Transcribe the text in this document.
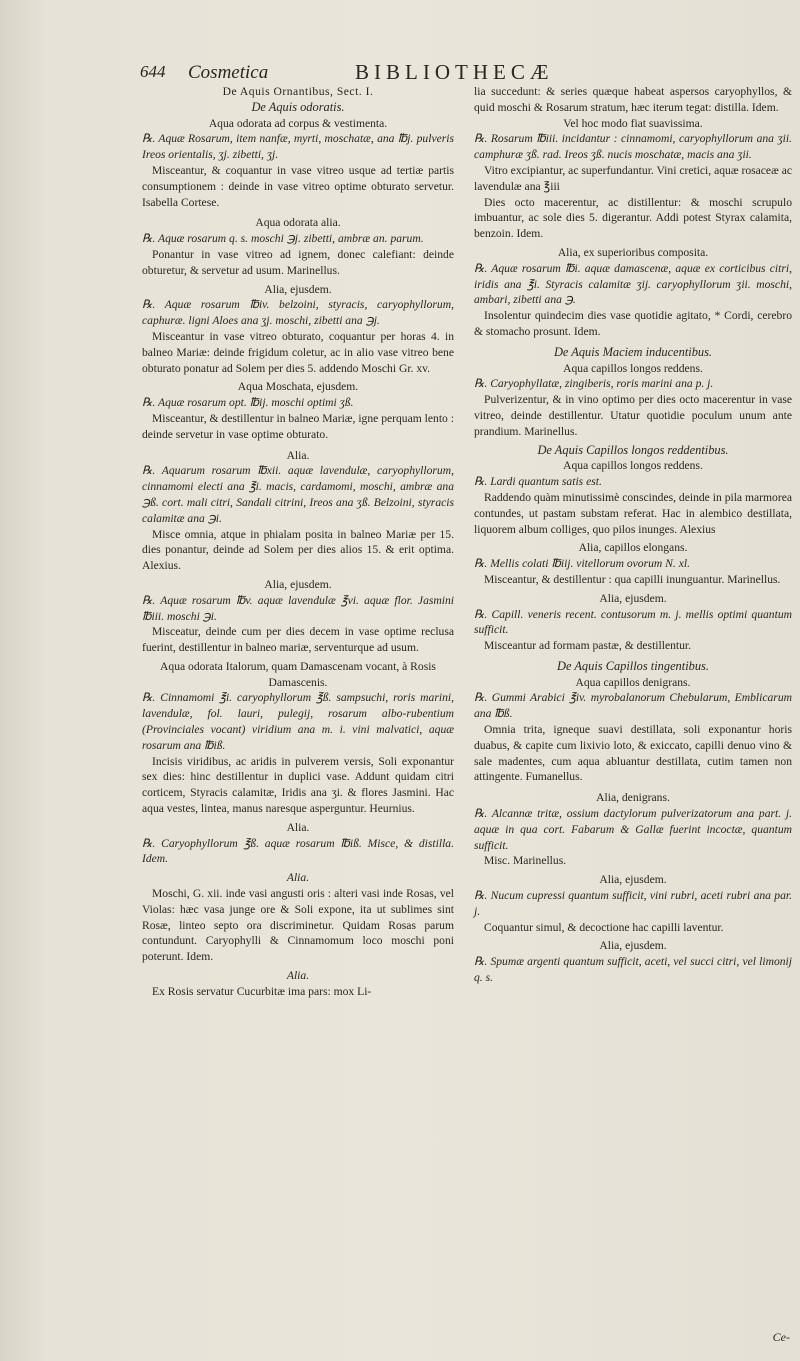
644 Cosmetica	BIBLIOTHECÆ

De Aquis Ornantibus, Sect. I.

De Aquis odoratis.

Aqua odorata ad corpus & vestimenta.

℞. Aquæ Rosarum, item nanfæ, myrti, moschatæ, ana ℔j. pulveris Ireos orientalis, ʒj. zibetti, ʒj.

Misceantur, & coquantur in vase vitreo usque ad tertiæ partis consumptionem : deinde in vase vitreo optime obturato servetur. Isabella Cortese.

Aqua odorata alia.

℞. Aquæ rosarum q. s. moschi ℈j. zibetti, ambræ an. parum.

Ponantur in vase vitreo ad ignem, donec calefiant: deinde obturetur, & servetur ad usum. Marinellus.

Alia, ejusdem.

℞. Aquæ rosarum ℔iv. belzoini, styracis, caryophyllorum, caphuræ. ligni Aloes ana ʒj. moschi, zibetti ana ℈j.

Misceantur in vase vitreo obturato, coquantur per horas 4. in balneo Mariæ: deinde frigidum coletur, ac in alio vase vitreo bene obturato ponatur ad Solem per dies 5. addendo Moschi Gr. xv.

Aqua Moschata, ejusdem.

℞. Aquæ rosarum opt. ℔ij. moschi optimi ʒß.

Misceantur, & destillentur in balneo Mariæ, igne perquam lento : deinde servetur in vase optime obturato.

Alia.

℞. Aquarum rosarum ℔xii. aquæ lavendulæ, caryophyllorum, cinnamomi electi ana ℥i. macis, cardamomi, moschi, ambræ ana ℈ß. cort. mali citri, Sandali citrini, Ireos ana ʒß. Belzoini, styracis calamitæ ana ℈i.

Misce omnia, atque in phialam posita in balneo Mariæ per 15. dies ponantur, deinde ad Solem per dies alios 15. & erit optima. Alexius.

Alia, ejusdem.

℞. Aquæ rosarum ℔v. aquæ lavendulæ ℥vi. aquæ flor. Jasmini ℔iii. moschi ℈i.

Misceatur, deinde cum per dies decem in vase optime reclusa fuerint, destillentur in balneo mariæ, serventurque ad usum.

Aqua odorata Italorum, quam Damascenam vocant, à Rosis Damascenis.

℞. Cinnamomi ℥i. caryophyllorum ℥ß. sampsuchi, roris marini, lavendulæ, fol. lauri, pulegij, rosarum albo-rubentium (Provinciales vocant) viridium ana m. i. vini malvatici, aquæ rosarum ana ℔iß.

Incisis viridibus, ac aridis in pulverem versis, Soli exponantur sex dies: hinc destillentur in duplici vase. Addunt quidam citri corticem, Styracis calamitæ, Iridis ana ʒi. & flores Jasmini. Hac aqua vestes, lintea, manus naresque asperguntur. Heurnius.

Alia.

℞. Caryophyllorum ℥ß. aquæ rosarum ℔iß. Misce, & distilla. Idem.

Alia.

Moschi, G. xii. inde vasi angusti oris : alteri vasi inde Rosas, vel Violas: hæc vasa junge ore & Soli expone, ita ut sublimes sint Rosæ, linteo septo ora discriminetur. Quidam Rosas parum contundunt. Caryophylli & Cinnamomum loco moschi poni poterunt. Idem.

Alia.

Ex Rosis servatur Cucurbitæ ima pars: mox Li-

lia succedunt: & series quæque habeat aspersos caryophyllos, & quid moschi & Rosarum stratum, hæc iterum tegat: distilla. Idem.

Vel hoc modo fiat suavissima.

℞. Rosarum ℔iii. incidantur : cinnamomi, caryophyllorum ana ʒii. camphuræ ʒß. rad. Ireos ʒß. nucis moschatæ, macis ana ʒii.

Vitro excipiantur, ac superfundantur. Vini cretici, aquæ rosaceæ ac lavendulæ ana ℥iii

Dies octo macerentur, ac distillentur: & moschi scrupulo imbuantur, ac sole dies 5. digerantur. Addi potest Styrax calamita, benzoin. Idem.

Alia, ex superioribus composita.

℞. Aquæ rosarum ℔i. aquæ damascenæ, aquæ ex corticibus citri, iridis ana ℥i. Styracis calamitæ ʒij. caryophyllorum ʒii. moschi, ambari, zibetti ana ℈.

Insolentur quindecim dies vase quotidie agitato, * Cordi, cerebro & stomacho prosunt. Idem.

De Aquis Maciem inducentibus.

Aqua capillos longos reddens.

℞. Caryophyllatæ, zingiberis, roris marini ana p. j.

Pulverizentur, & in vino optimo per dies octo macerentur in vase vitreo, deinde destillentur. Utatur quotidie poculum unum ante prandium. Marinellus.

De Aquis Capillos longos reddentibus.

Aqua capillos longos reddens.

℞. Lardi quantum satis est.

Raddendo quàm minutissimè conscindes, deinde in pila marmorea contundes, ut pastam substam referat. Hac in alembico destillata, liquorem album colliges, quo pilos inunges. Alexius

Alia, capillos elongans.

℞. Mellis colati ℔iij. vitellorum ovorum N. xl.

Misceantur, & destillentur : qua capilli inunguantur. Marinellus.

Alia, ejusdem.

℞. Capill. veneris recent. contusorum m. j. mellis optimi quantum sufficit.

Misceantur ad formam pastæ, & destillentur.

De Aquis Capillos tingentibus.

Aqua capillos denigrans.

℞. Gummi Arabici ℥iv. myrobalanorum Chebularum, Emblicarum ana ℔ß.

Omnia trita, igneque suavi destillata, soli exponantur horis duabus, & capite cum lixivio loto, & exiccato, capilli denuo vino & sale madentes, cum aqua abluantur destillata, cutim tamen non attingente. Fumanellus.

Alia, denigrans.

℞. Alcannæ tritæ, ossium dactylorum pulverizatorum ana part. j. aquæ in qua cort. Fabarum & Gallæ fuerint incoctæ, quantum sufficit.

Misc. Marinellus.

Alia, ejusdem.

℞. Nucum cupressi quantum sufficit, vini rubri, aceti rubri ana par. j.

Coquantur simul, & decoctione hac capilli laventur.

Alia, ejusdem.

℞. Spumæ argenti quantum sufficit, aceti, vel succi citri, vel limonij q. s.

Ce-
